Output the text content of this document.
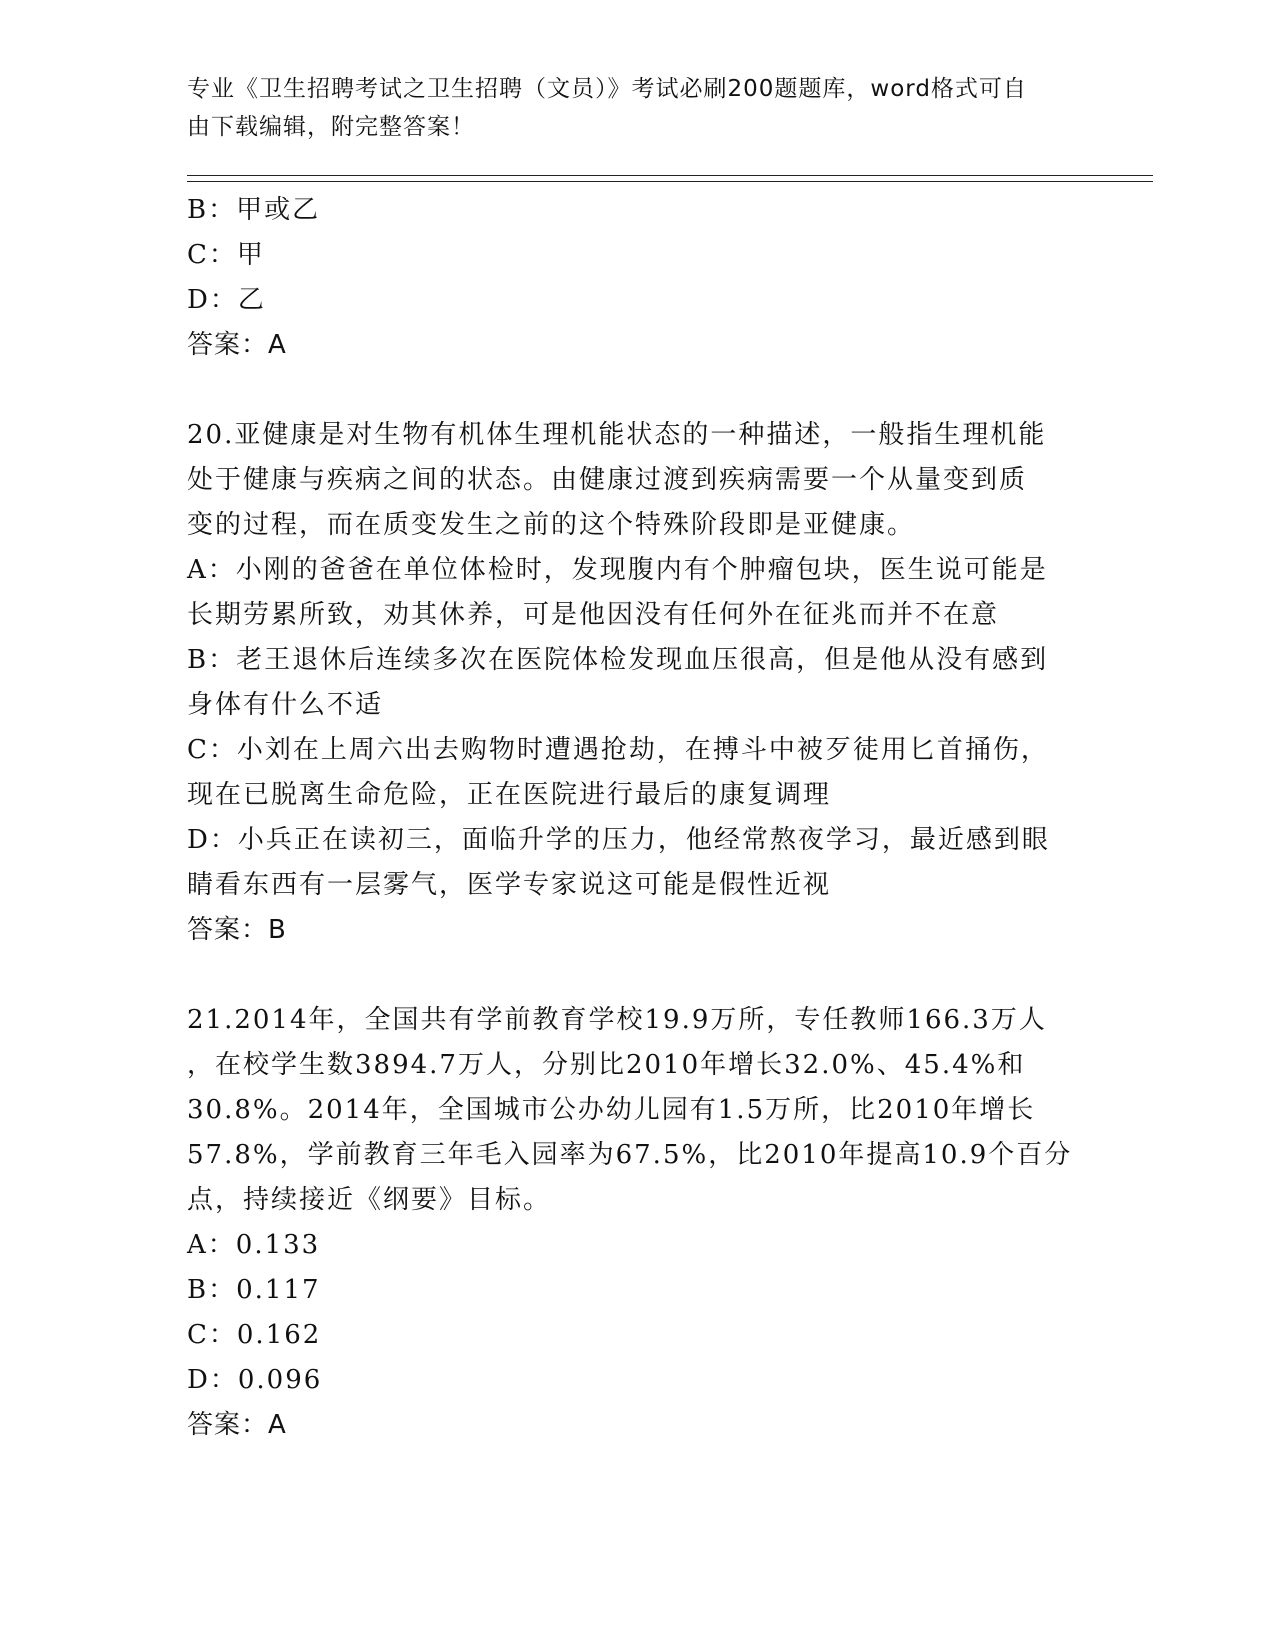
专业《卫生招聘考试之卫生招聘（文员）》考试必刷200题题库，word格式可自
由下载编辑，附完整答案！
B：甲或乙
C：甲
D：乙
答案：A
20.亚健康是对生物有机体生理机能状态的一种描述，一般指生理机能
处于健康与疾病之间的状态。由健康过渡到疾病需要一个从量变到质
变的过程，而在质变发生之前的这个特殊阶段即是亚健康。
A：小刚的爸爸在单位体检时，发现腹内有个肿瘤包块，医生说可能是
长期劳累所致，劝其休养，可是他因没有任何外在征兆而并不在意
B：老王退休后连续多次在医院体检发现血压很高，但是他从没有感到
身体有什么不适
C：小刘在上周六出去购物时遭遇抢劫，在搏斗中被歹徒用匕首捅伤，
现在已脱离生命危险，正在医院进行最后的康复调理
D：小兵正在读初三，面临升学的压力，他经常熬夜学习，最近感到眼
睛看东西有一层雾气，医学专家说这可能是假性近视
答案：B
21.2014年，全国共有学前教育学校19.9万所，专任教师166.3万人
，在校学生数3894.7万人，分别比2010年增长32.0%、45.4%和
30.8%。2014年，全国城市公办幼儿园有1.5万所，比2010年增长
57.8%，学前教育三年毛入园率为67.5%，比2010年提高10.9个百分
点，持续接近《纲要》目标。
A：0.133
B：0.117
C：0.162
D：0.096
答案：A
